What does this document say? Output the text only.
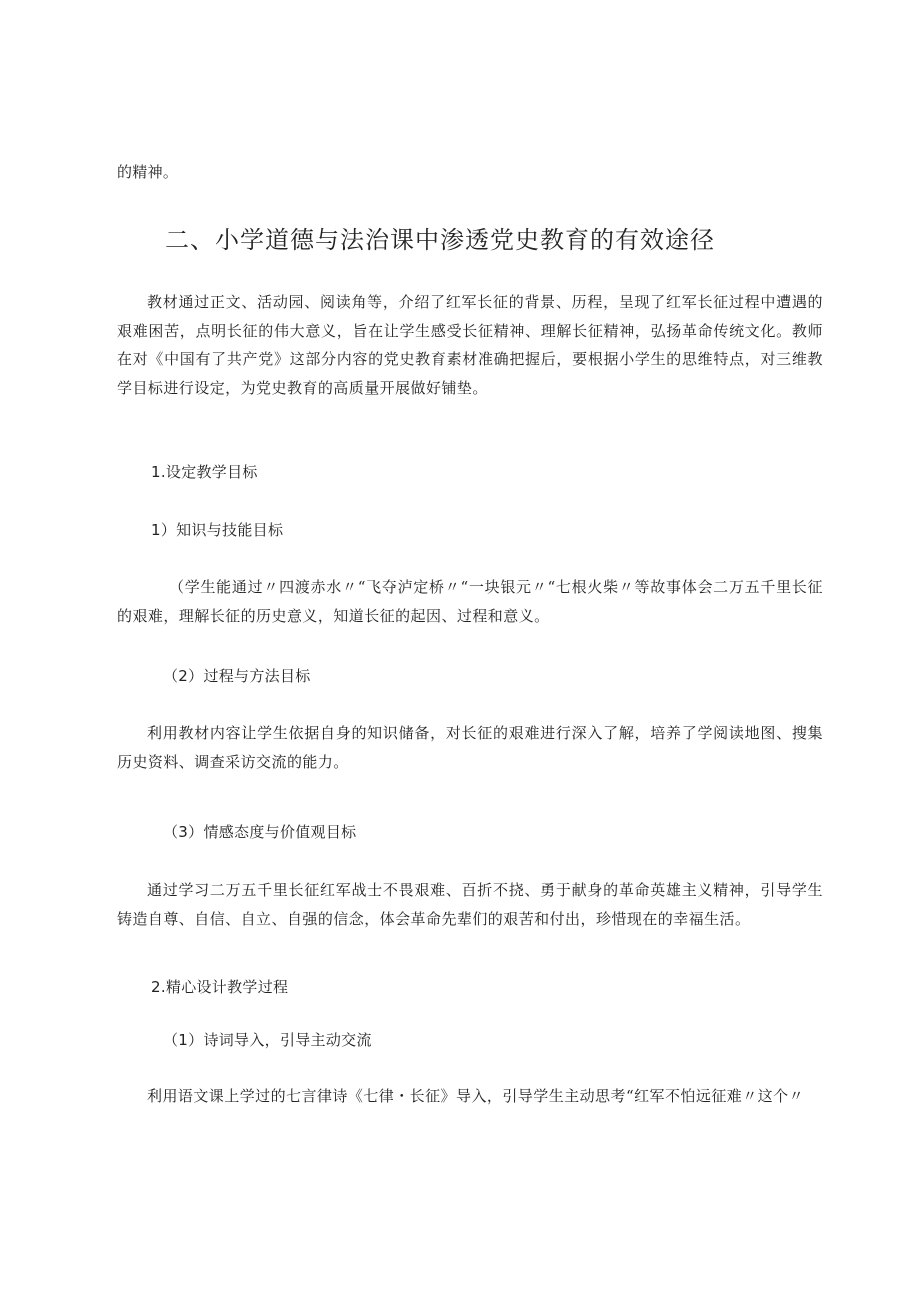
的精神。
二、小学道德与法治课中渗透党史教育的有效途径
教材通过正文、活动园、阅读角等，介绍了红军长征的背景、历程，呈现了红军长征过程中遭遇的艰难困苦，点明长征的伟大意义，旨在让学生感受长征精神、理解长征精神，弘扬革命传统文化。教师在对《中国有了共产党》这部分内容的党史教育素材准确把握后，要根据小学生的思维特点，对三维教学目标进行设定，为党史教育的高质量开展做好铺垫。
1.设定教学目标
1）知识与技能目标
（学生能通过〃四渡赤水〃“飞夺泸定桥〃“一块银元〃“七根火柴〃等故事体会二万五千里长征的艰难，理解长征的历史意义，知道长征的起因、过程和意义。
（2）过程与方法目标
利用教材内容让学生依据自身的知识储备，对长征的艰难进行深入了解，培养了学阅读地图、搜集历史资料、调查采访交流的能力。
（3）情感态度与价值观目标
通过学习二万五千里长征红军战士不畏艰难、百折不挠、勇于献身的革命英雄主义精神，引导学生铸造自尊、自信、自立、自强的信念，体会革命先辈们的艰苦和付出，珍惜现在的幸福生活。
2.精心设计教学过程
（1）诗词导入，引导主动交流
利用语文课上学过的七言律诗《七律・长征》导入，引导学生主动思考“红军不怕远征难〃这个〃
